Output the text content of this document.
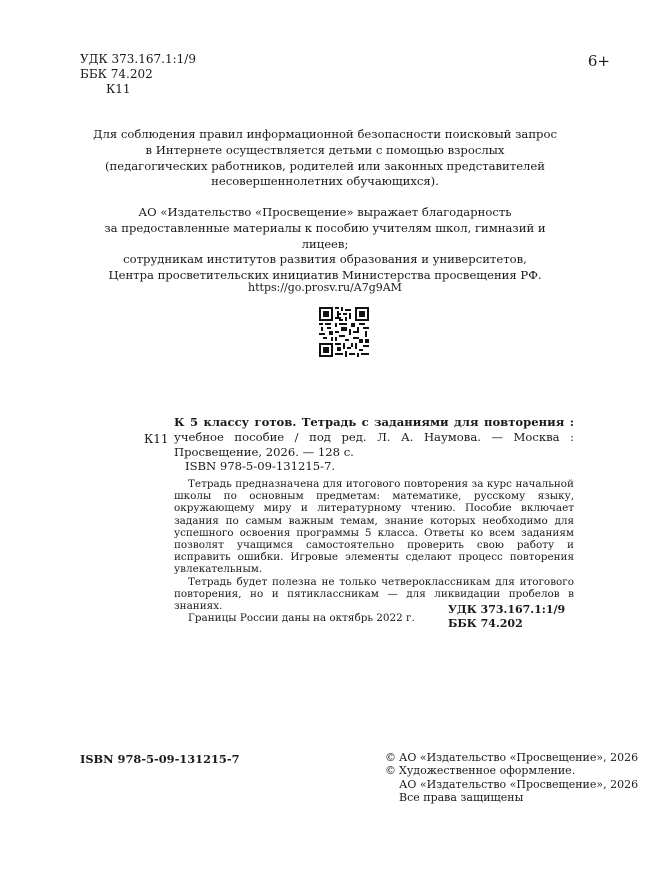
УДК 373.167.1:1/9
ББК 74.202
К11
6+
Для соблюдения правил информационной безопасности поисковый запрос
в Интернете осуществляется детьми с помощью взрослых
(педагогических работников, родителей или законных представителей
несовершеннолетних обучающихся).
АО «Издательство «Просвещение» выражает благодарность
за предоставленные материалы к пособию учителям школ, гимназий и лицеев;
сотрудникам институтов развития образования и университетов,
Центра просветительских инициатив Министерства просвещения РФ.
https://go.prosv.ru/A7g9AM
К11
К 5 классу готов. Тетрадь с заданиями для повторения : учебное пособие / под ред. Л. А. Наумова. — Москва : Просвещение, 2026. — 128 с.
ISBN 978-5-09-131215-7.

Тетрадь предназначена для итогового повторения за курс начальной школы по основным предметам: математике, русскому языку, окружающему миру и литературному чтению. Пособие включает задания по самым важным темам, знание которых необходимо для успешного освоения программы 5 класса. Ответы ко всем заданиям позволят учащимся самостоятельно проверить свою работу и исправить ошибки. Игровые элементы сделают процесс повторения увлекательным.

Тетрадь будет полезна не только четвероклассникам для итогового повторения, но и пятиклассникам — для ликвидации пробелов в знаниях.

Границы России даны на октябрь 2022 г.

УДК 373.167.1:1/9
ББК 74.202
ISBN 978-5-09-131215-7	© АО «Издательство «Просвещение», 2026
© Художественное оформление.
АО «Издательство «Просвещение», 2026
Все права защищены
